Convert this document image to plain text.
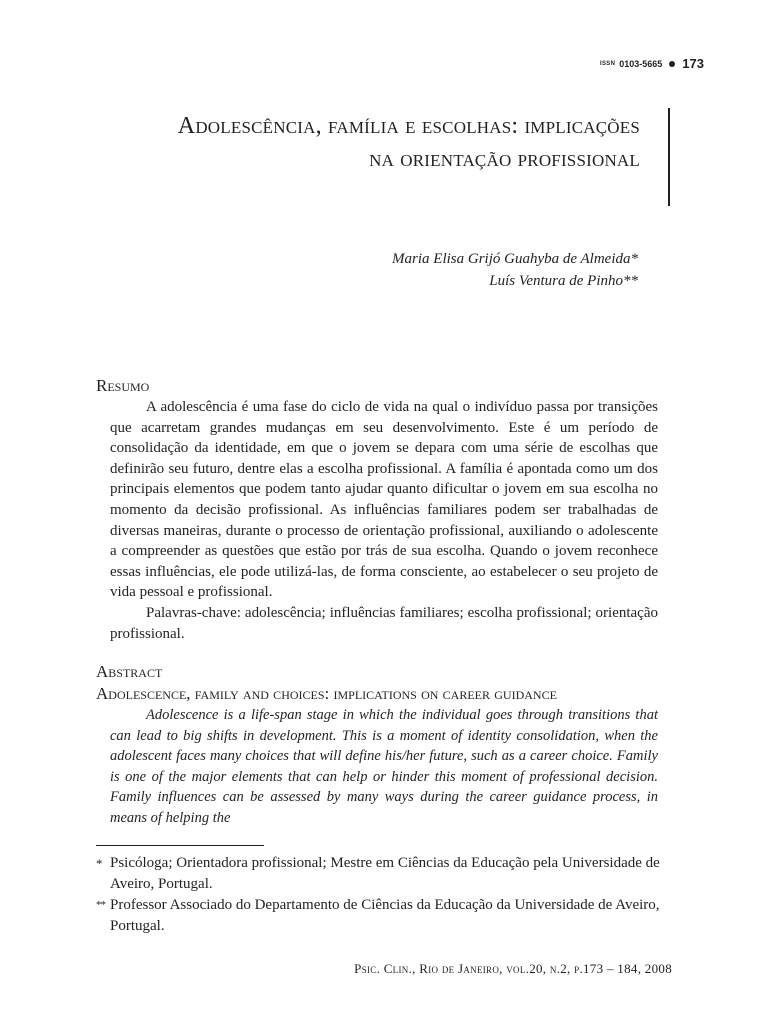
ISSN 0103-5665 173
Adolescência, família e escolhas: implicações
na orientação profissional
Maria Elisa Grijó Guahyba de Almeida*
Luís Ventura de Pinho**
Resumo

A adolescência é uma fase do ciclo de vida na qual o indivíduo passa por transições que acarretam grandes mudanças em seu desenvolvimento. Este é um período de consolidação da identidade, em que o jovem se depara com uma série de escolhas que definirão seu futuro, dentre elas a escolha profissional. A família é apontada como um dos principais elementos que podem tanto ajudar quanto dificultar o jovem em sua escolha no momento da decisão profissional. As influências familiares podem ser trabalhadas de diversas maneiras, durante o processo de orientação profissional, auxiliando o adolescente a compreender as questões que estão por trás de sua escolha. Quando o jovem reconhece essas influências, ele pode utilizá-las, de forma consciente, ao estabelecer o seu projeto de vida pessoal e profissional.

Palavras-chave: adolescência; influências familiares; escolha profissional; orientação profissional.

Abstract
Adolescence, family and choices: implications on career guidance

Adolescence is a life-span stage in which the individual goes through transitions that can lead to big shifts in development. This is a moment of identity consolidation, when the adolescent faces many choices that will define his/her future, such as a career choice. Family is one of the major elements that can help or hinder this moment of professional decision. Family influences can be assessed by many ways during the career guidance process, in means of helping the

* Psicóloga; Orientadora profissional; Mestre em Ciências da Educação pela Universidade de Aveiro, Portugal.
** Professor Associado do Departamento de Ciências da Educação da Universidade de Aveiro, Portugal.
Psic. Clin., Rio de Janeiro, vol.20, n.2, p.173 – 184, 2008
